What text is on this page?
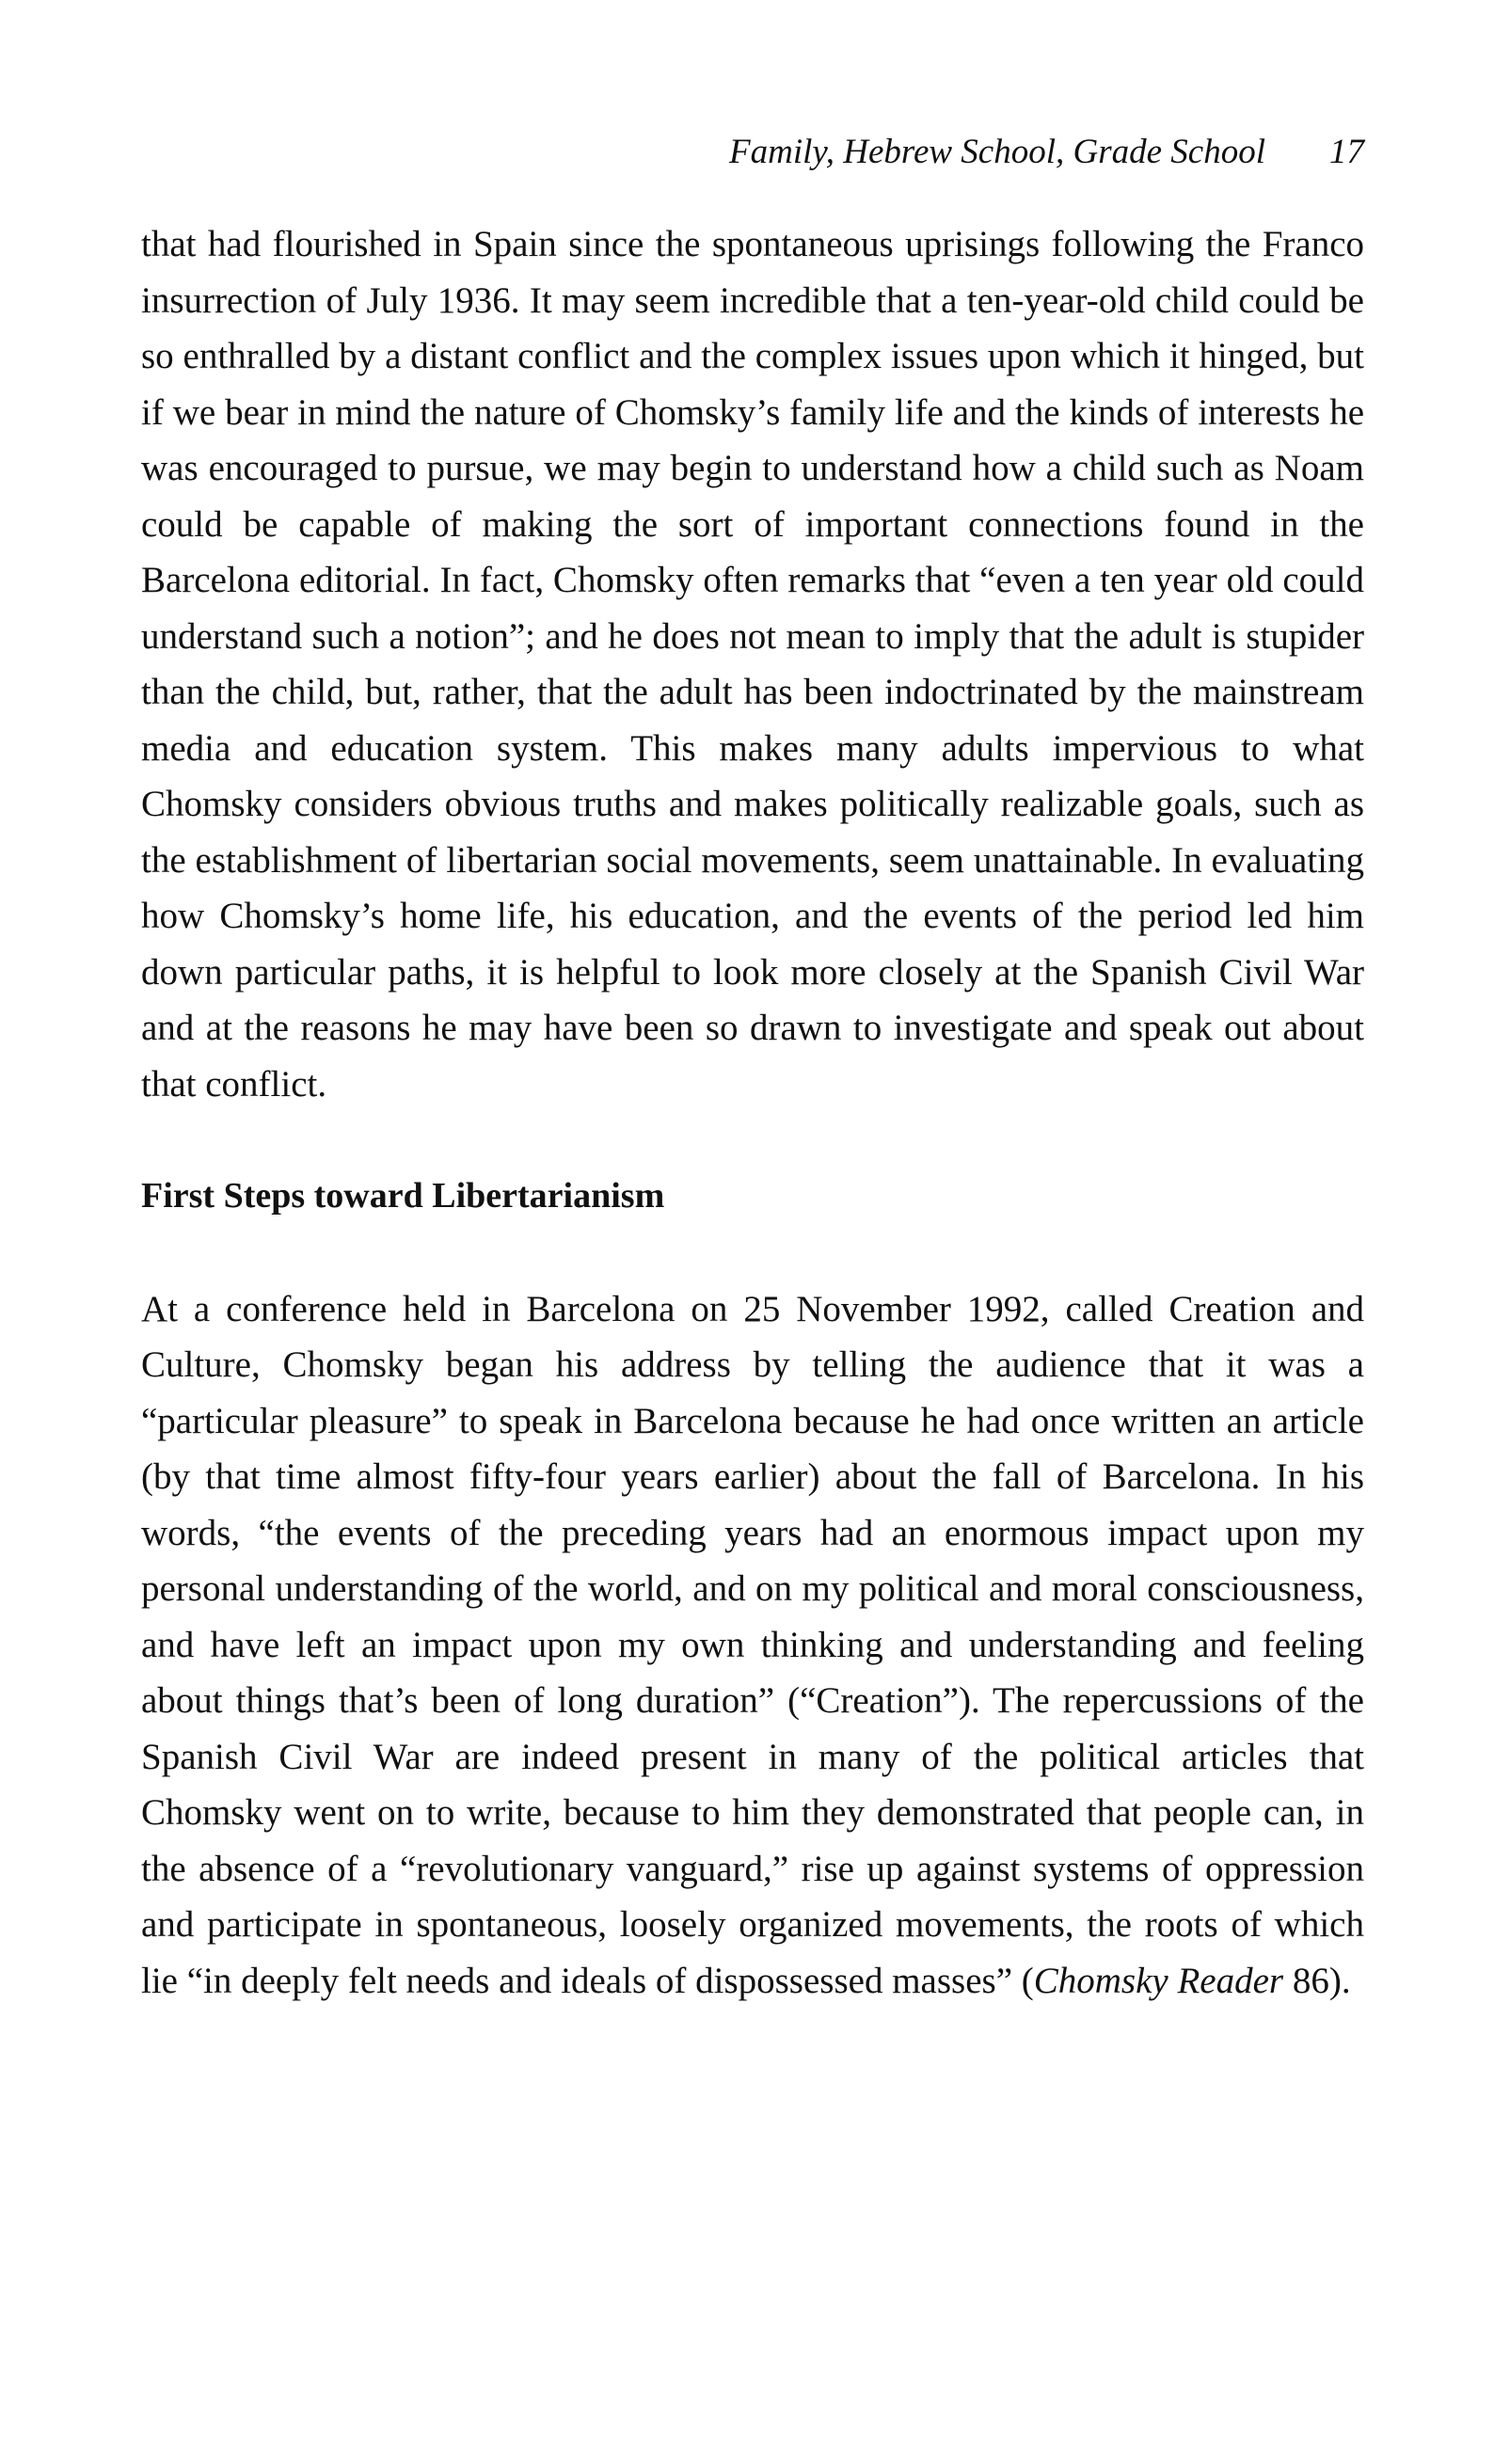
Family, Hebrew School, Grade School 17

that had flourished in Spain since the spontaneous uprisings following the Franco insurrection of July 1936. It may seem incredible that a ten-year-old child could be so enthralled by a distant conflict and the complex issues upon which it hinged, but if we bear in mind the nature of Chomsky’s family life and the kinds of interests he was encouraged to pursue, we may begin to understand how a child such as Noam could be capable of making the sort of important connections found in the Barcelona editorial. In fact, Chomsky often remarks that “even a ten year old could understand such a notion”; and he does not mean to imply that the adult is stupider than the child, but, rather, that the adult has been indoctrinated by the mainstream media and education system. This makes many adults impervious to what Chomsky considers obvious truths and makes politically realizable goals, such as the establishment of libertarian social movements, seem unattainable. In evaluating how Chomsky’s home life, his education, and the events of the period led him down particular paths, it is helpful to look more closely at the Spanish Civil War and at the reasons he may have been so drawn to investigate and speak out about that conflict.

First Steps toward Libertarianism

At a conference held in Barcelona on 25 November 1992, called Creation and Culture, Chomsky began his address by telling the audience that it was a “particular pleasure” to speak in Barcelona because he had once written an article (by that time almost fifty-four years earlier) about the fall of Barcelona. In his words, “the events of the preceding years had an enormous impact upon my personal understanding of the world, and on my political and moral consciousness, and have left an impact upon my own thinking and understanding and feeling about things that’s been of long duration” (“Creation”). The repercussions of the Spanish Civil War are indeed present in many of the political articles that Chomsky went on to write, because to him they demonstrated that people can, in the absence of a “revolutionary vanguard,” rise up against systems of oppression and participate in spontaneous, loosely organized movements, the roots of which lie “in deeply felt needs and ideals of dispossessed masses” (Chomsky Reader 86).
